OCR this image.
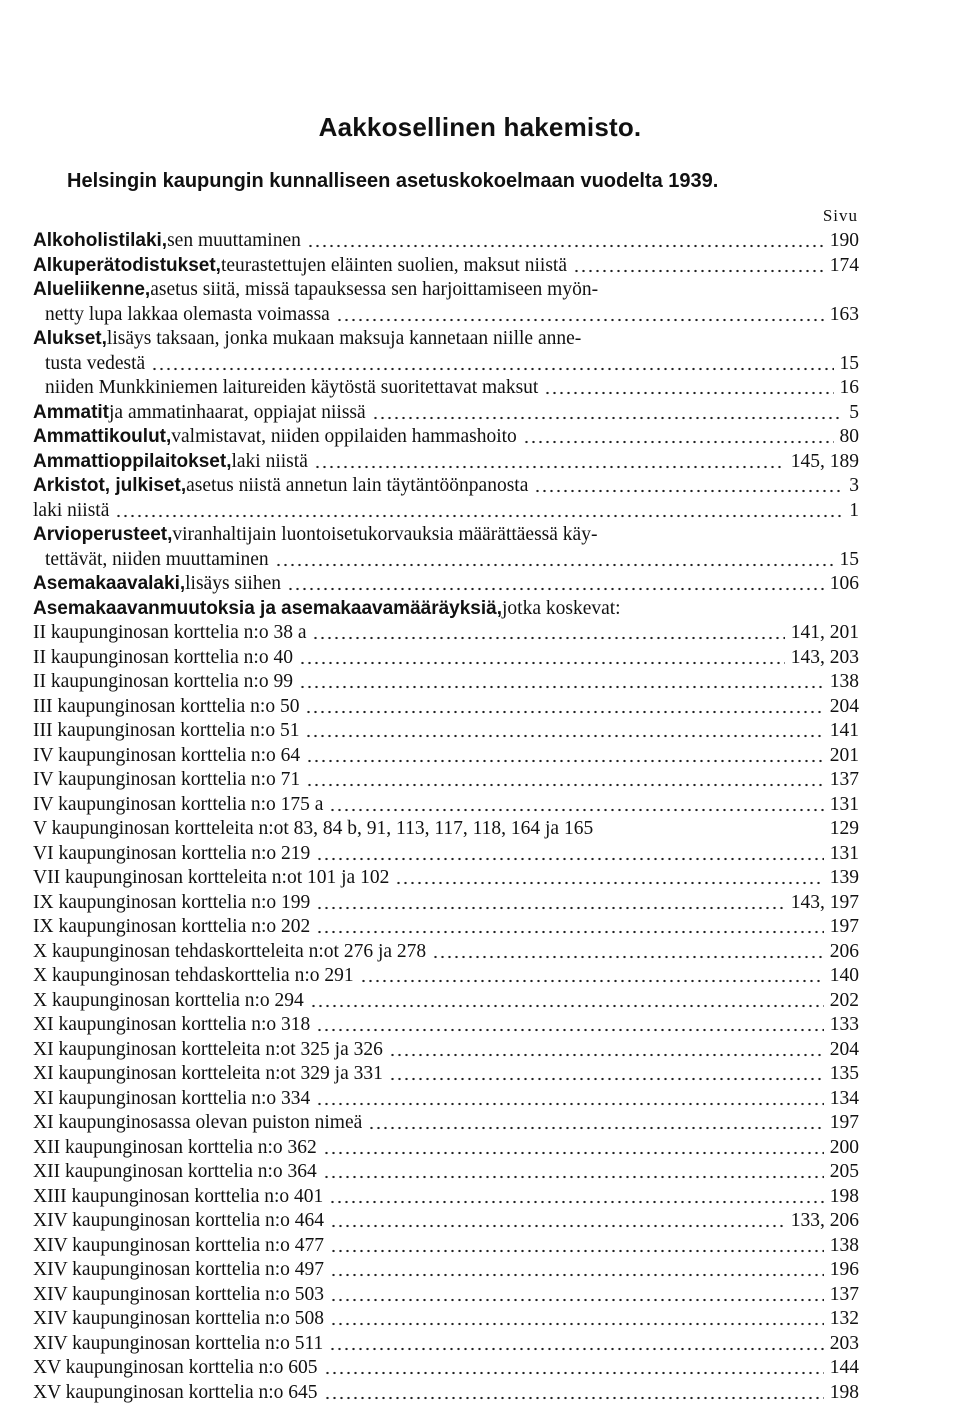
Aakkosellinen hakemisto.
Helsingin kaupungin kunnalliseen asetuskokoelmaan vuodelta 1939.
Sivu
Alkoholistilaki, sen muuttaminen	190
Alkuperätodistukset, teurastettujen eläinten suolien, maksut niistä	174
Alueliikenne, asetus siitä, missä tapauksessa sen harjoittamiseen myön-
netty lupa lakkaa olemasta voimassa	163
Alukset, lisäys taksaan, jonka mukaan maksuja kannetaan niille anne-
tusta vedestä	15
niiden Munkkiniemen laitureiden käytöstä suoritettavat maksut	16
Ammatit ja ammatinhaarat, oppiajat niissä	5
Ammattikoulut, valmistavat, niiden oppilaiden hammashoito	80
Ammattioppilaitokset, laki niistä	145, 189
Arkistot, julkiset, asetus niistä annetun lain täytäntöönpanosta	3
laki niistä	1
Arvioperusteet, viranhaltijain luontoisetukorvauksia määrättäessä käy-
tettävät, niiden muuttaminen	15
Asemakaavalaki, lisäys siihen	106
Asemakaavanmuutoksia ja asemakaavamääräyksiä, jotka koskevat:
II kaupunginosan korttelia n:o 38 a	141, 201
II kaupunginosan korttelia n:o 40	143, 203
II kaupunginosan korttelia n:o 99	138
III kaupunginosan korttelia n:o 50	204
III kaupunginosan korttelia n:o 51	141
IV kaupunginosan korttelia n:o 64	201
IV kaupunginosan korttelia n:o 71	137
IV kaupunginosan korttelia n:o 175 a	131
V kaupunginosan kortteleita n:ot 83, 84 b, 91, 113, 117, 118, 164 ja 165	129
VI kaupunginosan korttelia n:o 219	131
VII kaupunginosan kortteleita n:ot 101 ja 102	139
IX kaupunginosan korttelia n:o 199	143, 197
IX kaupunginosan korttelia n:o 202	197
X kaupunginosan tehdaskortteleita n:ot 276 ja 278	206
X kaupunginosan tehdaskorttelia n:o 291	140
X kaupunginosan korttelia n:o 294	202
XI kaupunginosan korttelia n:o 318	133
XI kaupunginosan kortteleita n:ot 325 ja 326	204
XI kaupunginosan kortteleita n:ot 329 ja 331	135
XI kaupunginosan korttelia n:o 334	134
XI kaupunginosassa olevan puiston nimeä	197
XII kaupunginosan korttelia n:o 362	200
XII kaupunginosan korttelia n:o 364	205
XIII kaupunginosan korttelia n:o 401	198
XIV kaupunginosan korttelia n:o 464	133, 206
XIV kaupunginosan korttelia n:o 477	138
XIV kaupunginosan korttelia n:o 497	196
XIV kaupunginosan korttelia n:o 503	137
XIV kaupunginosan korttelia n:o 508	132
XIV kaupunginosan korttelia n:o 511	203
XV kaupunginosan korttelia n:o 605	144
XV kaupunginosan korttelia n:o 645	198
